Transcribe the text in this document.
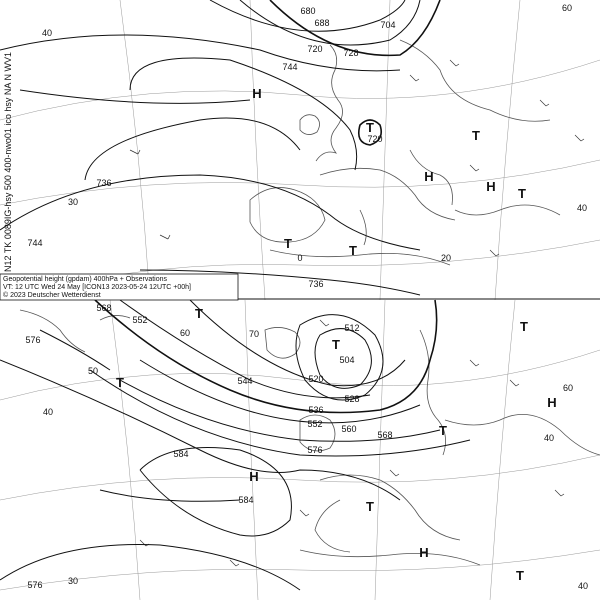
680
688	704
720 728
744
736
744
736
720
40
30
60
40
0	20
H
T
T
H
H T
T	T
552
576
568
520
512
504
528
536
544
552 560
568
576
584
584
576
50
60
40
30
70
60
40
40
T
T
T
H
T
T
H
T
H
T
Geopotential height (gpdam) 400hPa + Observations
VT: 12 UTC Wed 24 May [ICON13 2023-05-24 12UTC +00h]
© 2023 Deutscher Wetterdienst
N12 TK 0089IG-hsy 500 400-nwo01 ico hsy NA N WV1
